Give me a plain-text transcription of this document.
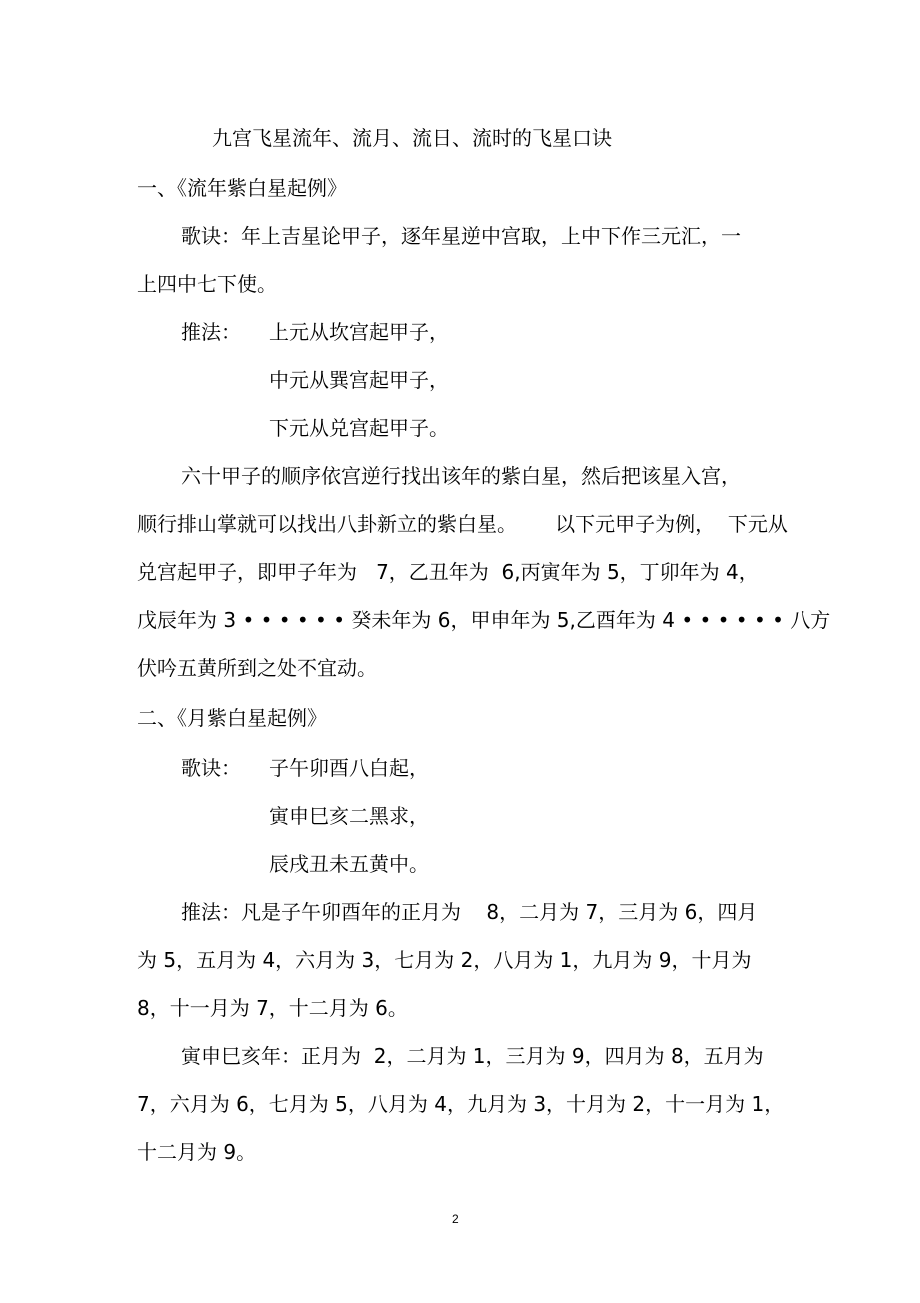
九宫飞星流年、流月、流日、流时的飞星口诀

一、《流年紫白星起例》

歌诀：年上吉星论甲子，逐年星逆中宫取，上中下作三元汇，一

上四中七下使。

推法： 上元从坎宫起甲子，

中元从巽宫起甲子，

下元从兑宫起甲子。

六十甲子的顺序依宫逆行找出该年的紫白星，然后把该星入宫，

顺行排山掌就可以找出八卦新立的紫白星。      以下元甲子为例，  下元从

兑宫起甲子，即甲子年为   7，乙丑年为  6,丙寅年为 5，丁卯年为 4，

戊辰年为 3 • • • • • • 癸未年为 6，甲申年为 5,乙酉年为 4 • • • • • • 八方

伏吟五黄所到之处不宜动。

二、《月紫白星起例》

歌诀： 子午卯酉八白起，

寅申巳亥二黑求，

辰戌丑未五黄中。

推法：凡是子午卯酉年的正月为    8，二月为 7，三月为 6，四月

为 5，五月为 4，六月为 3，七月为 2，八月为 1，九月为 9，十月为

8，十一月为 7，十二月为 6。

寅申巳亥年：正月为  2，二月为 1，三月为 9，四月为 8，五月为

7，六月为 6，七月为 5，八月为 4，九月为 3，十月为 2，十一月为 1，

十二月为 9。

2
